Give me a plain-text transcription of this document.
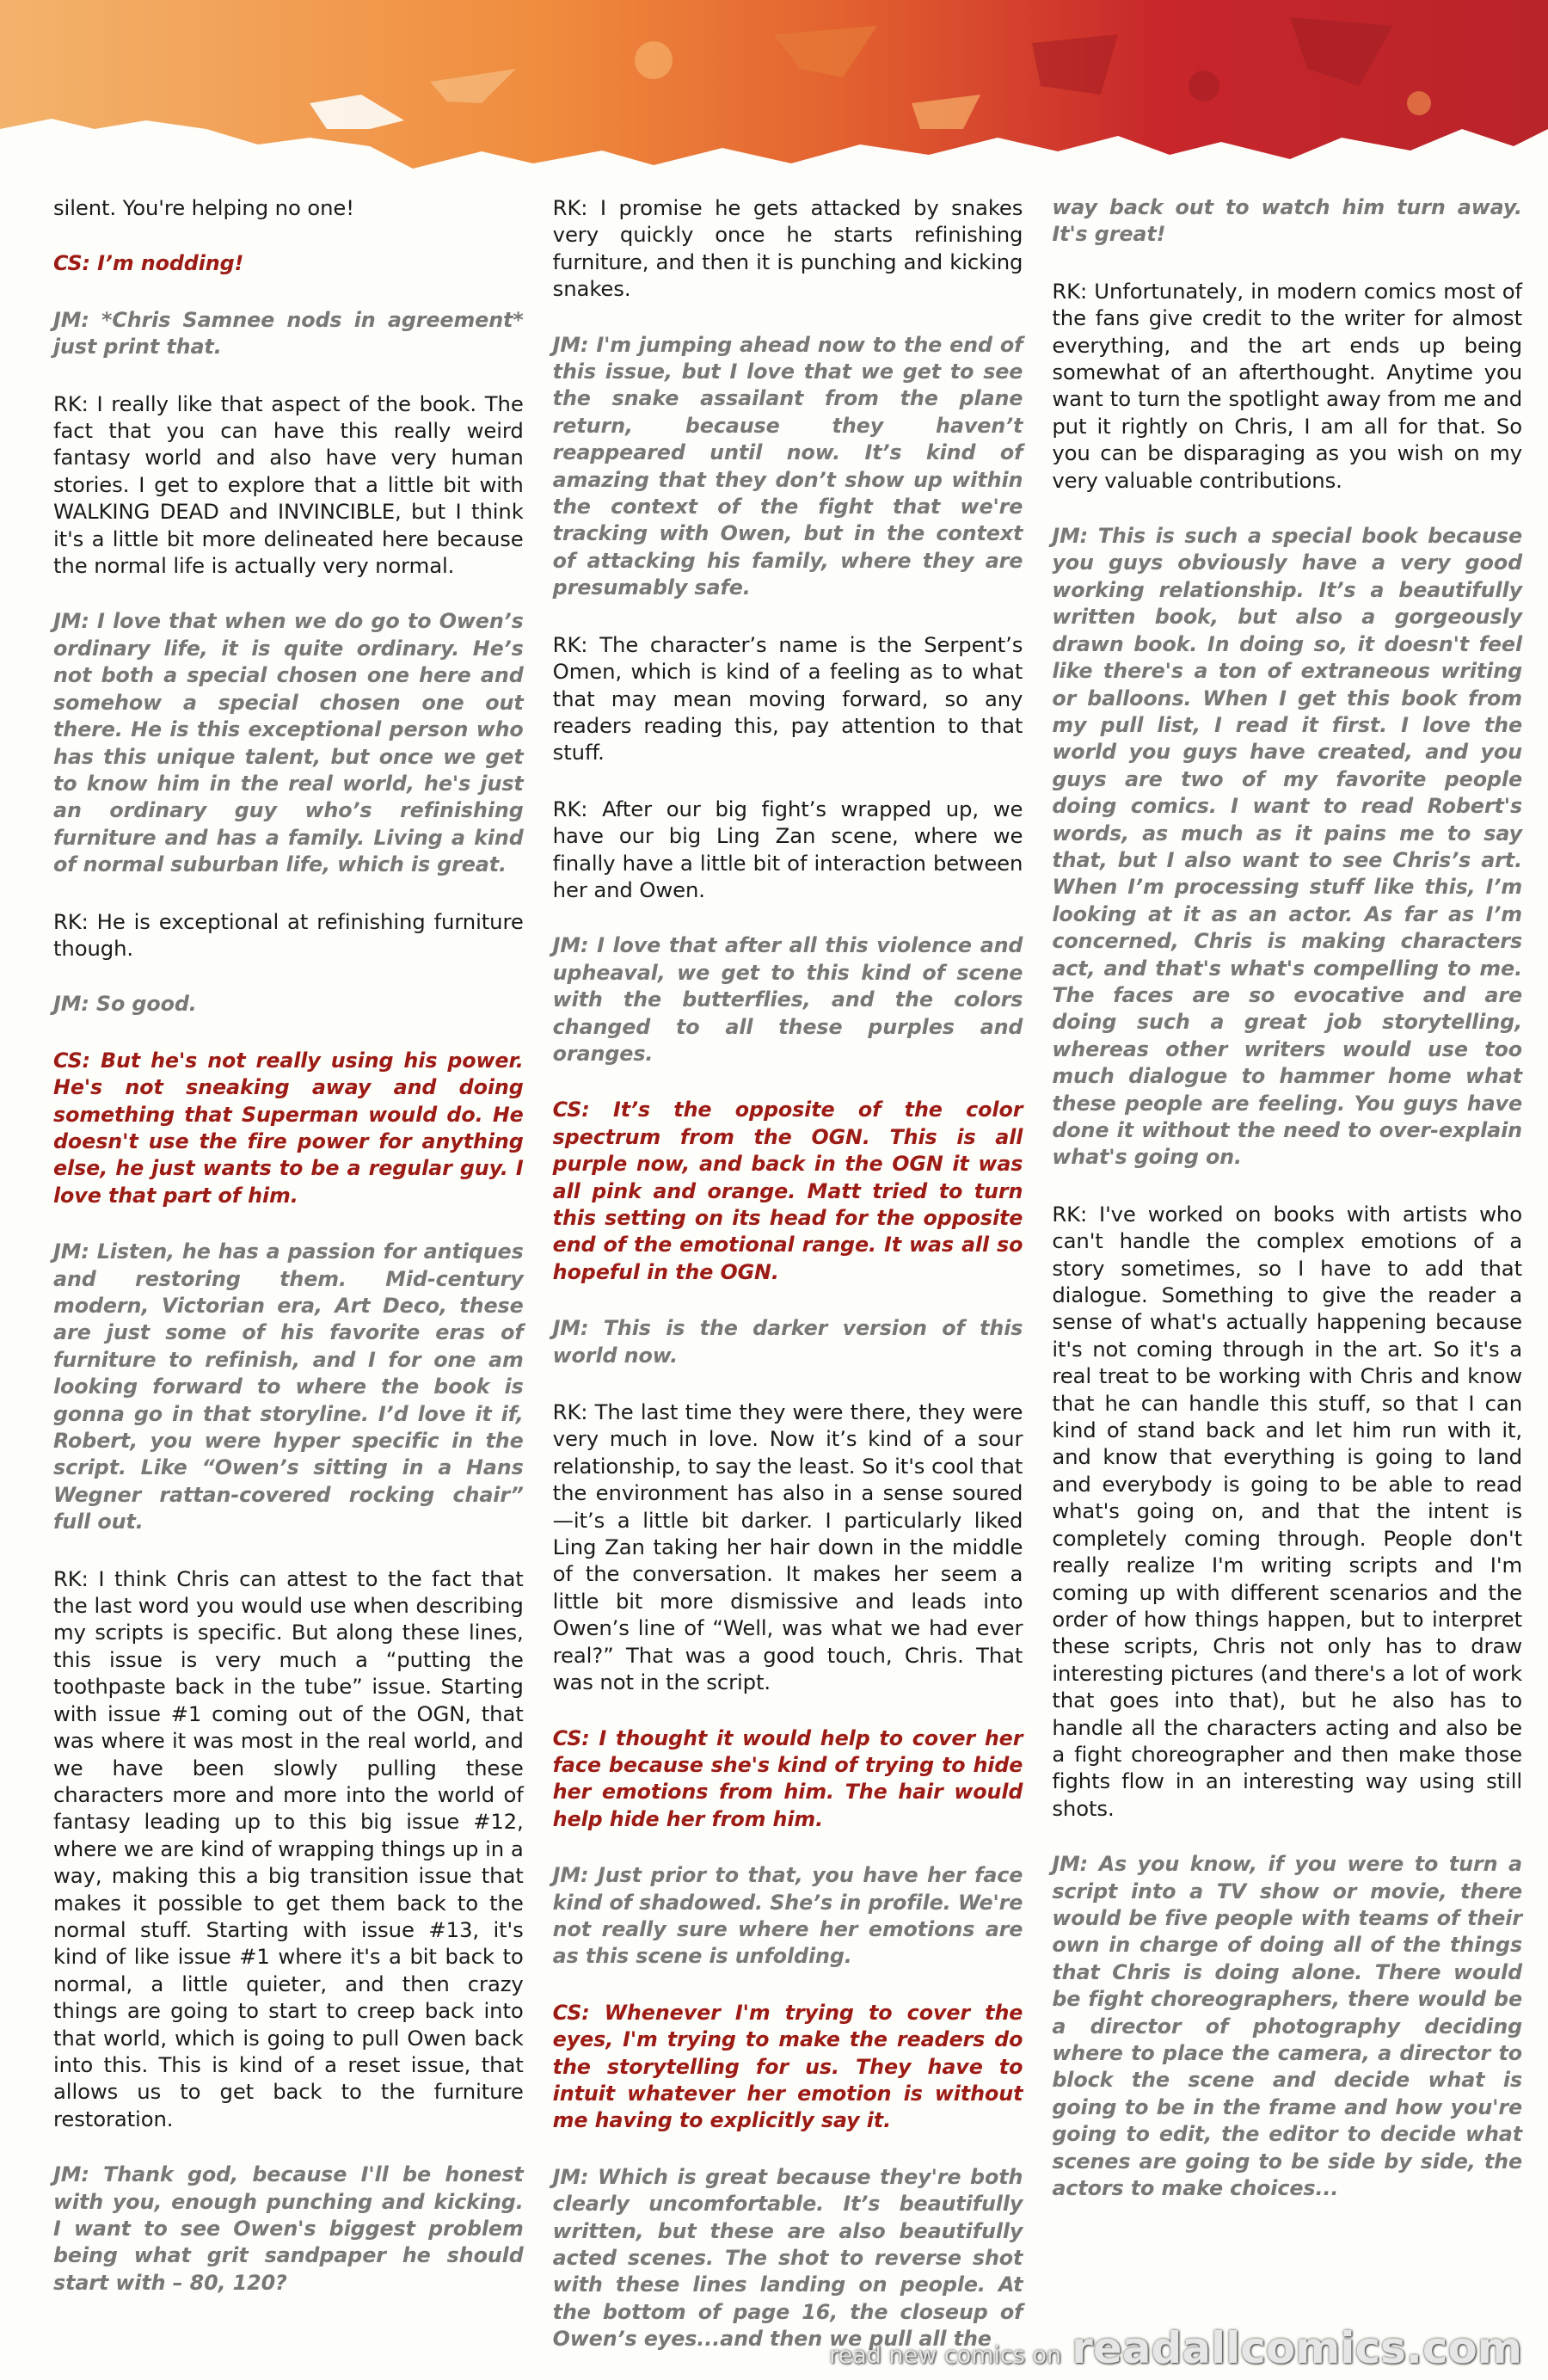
silent. You're helping no one!

CS: I’m nodding!

JM: *Chris Samnee nods in agreement* just print that.

RK: I really like that aspect of the book. The fact that you can have this really weird fantasy world and also have very human stories. I get to explore that a little bit with WALKING DEAD and INVINCIBLE, but I think it's a little bit more delineated here because the normal life is actually very normal.

JM: I love that when we do go to Owen’s ordinary life, it is quite ordinary. He’s not both a special chosen one here and somehow a special chosen one out there. He is this exceptional person who has this unique talent, but once we get to know him in the real world, he's just an ordinary guy who’s refinishing furniture and has a family. Living a kind of normal suburban life, which is great.

RK: He is exceptional at refinishing furniture though.

JM: So good.

CS: But he's not really using his power. He's not sneaking away and doing something that Superman would do. He doesn't use the fire power for anything else, he just wants to be a regular guy. I love that part of him.

JM: Listen, he has a passion for antiques and restoring them. Mid-century modern, Victorian era, Art Deco, these are just some of his favorite eras of furniture to refinish, and I for one am looking forward to where the book is gonna go in that storyline. I’d love it if, Robert, you were hyper specific in the script. Like “Owen’s sitting in a Hans Wegner rattan-covered rocking chair” full out.

RK: I think Chris can attest to the fact that the last word you would use when describing my scripts is specific. But along these lines, this issue is very much a “putting the toothpaste back in the tube” issue. Starting with issue #1 coming out of the OGN, that was where it was most in the real world, and we have been slowly pulling these characters more and more into the world of fantasy leading up to this big issue #12, where we are kind of wrapping things up in a way, making this a big transition issue that makes it possible to get them back to the normal stuff. Starting with issue #13, it's kind of like issue #1 where it's a bit back to normal, a little quieter, and then crazy things are going to start to creep back into that world, which is going to pull Owen back into this. This is kind of a reset issue, that allows us to get back to the furniture restoration.

JM: Thank god, because I'll be honest with you, enough punching and kicking. I want to see Owen's biggest problem being what grit sandpaper he should start with – 80, 120?

RK: I promise he gets attacked by snakes very quickly once he starts refinishing furniture, and then it is punching and kicking snakes.

JM: I'm jumping ahead now to the end of this issue, but I love that we get to see the snake assailant from the plane return, because they haven’t reappeared until now. It’s kind of amazing that they don’t show up within the context of the fight that we're tracking with Owen, but in the context of attacking his family, where they are presumably safe.

RK: The character’s name is the Serpent’s Omen, which is kind of a feeling as to what that may mean moving forward, so any readers reading this, pay attention to that stuff.

RK: After our big fight’s wrapped up, we have our big Ling Zan scene, where we finally have a little bit of interaction between her and Owen.

JM: I love that after all this violence and upheaval, we get to this kind of scene with the butterflies, and the colors changed to all these purples and oranges.

CS: It’s the opposite of the color spectrum from the OGN. This is all purple now, and back in the OGN it was all pink and orange. Matt tried to turn this setting on its head for the opposite end of the emotional range. It was all so hopeful in the OGN.

JM: This is the darker version of this world now.

RK: The last time they were there, they were very much in love. Now it’s kind of a sour relationship, to say the least. So it's cool that the environment has also in a sense soured—it’s a little bit darker. I particularly liked Ling Zan taking her hair down in the middle of the conversation. It makes her seem a little bit more dismissive and leads into Owen’s line of “Well, was what we had ever real?” That was a good touch, Chris. That was not in the script.

CS: I thought it would help to cover her face because she's kind of trying to hide her emotions from him. The hair would help hide her from him.

JM: Just prior to that, you have her face kind of shadowed. She’s in profile. We're not really sure where her emotions are as this scene is unfolding.

CS: Whenever I'm trying to cover the eyes, I'm trying to make the readers do the storytelling for us. They have to intuit whatever her emotion is without me having to explicitly say it.

JM: Which is great because they're both clearly uncomfortable. It’s beautifully written, but these are also beautifully acted scenes. The shot to reverse shot with these lines landing on people. At the bottom of page 16, the closeup of Owen’s eyes...and then we pull all the

way back out to watch him turn away. It's great!

RK: Unfortunately, in modern comics most of the fans give credit to the writer for almost everything, and the art ends up being somewhat of an afterthought. Anytime you want to turn the spotlight away from me and put it rightly on Chris, I am all for that. So you can be disparaging as you wish on my very valuable contributions.

JM: This is such a special book because you guys obviously have a very good working relationship. It’s a beautifully written book, but also a gorgeously drawn book. In doing so, it doesn't feel like there's a ton of extraneous writing or balloons. When I get this book from my pull list, I read it first. I love the world you guys have created, and you guys are two of my favorite people doing comics. I want to read Robert's words, as much as it pains me to say that, but I also want to see Chris’s art. When I’m processing stuff like this, I’m looking at it as an actor. As far as I’m concerned, Chris is making characters act, and that's what's compelling to me. The faces are so evocative and are doing such a great job storytelling, whereas other writers would use too much dialogue to hammer home what these people are feeling. You guys have done it without the need to over-explain what's going on.

RK: I've worked on books with artists who can't handle the complex emotions of a story sometimes, so I have to add that dialogue. Something to give the reader a sense of what's actually happening because it's not coming through in the art. So it's a real treat to be working with Chris and know that he can handle this stuff, so that I can kind of stand back and let him run with it, and know that everything is going to land and everybody is going to be able to read what's going on, and that the intent is completely coming through. People don't really realize I'm writing scripts and I'm coming up with different scenarios and the order of how things happen, but to interpret these scripts, Chris not only has to draw interesting pictures (and there's a lot of work that goes into that), but he also has to handle all the characters acting and also be a fight choreographer and then make those fights flow in an interesting way using still shots.

JM: As you know, if you were to turn a script into a TV show or movie, there would be five people with teams of their own in charge of doing all of the things that Chris is doing alone. There would be fight choreographers, there would be a director of photography deciding where to place the camera, a director to block the scene and decide what is going to be in the frame and how you're going to edit, the editor to decide what scenes are going to be side by side, the actors to make choices...

read new comics on readallcomics.com
